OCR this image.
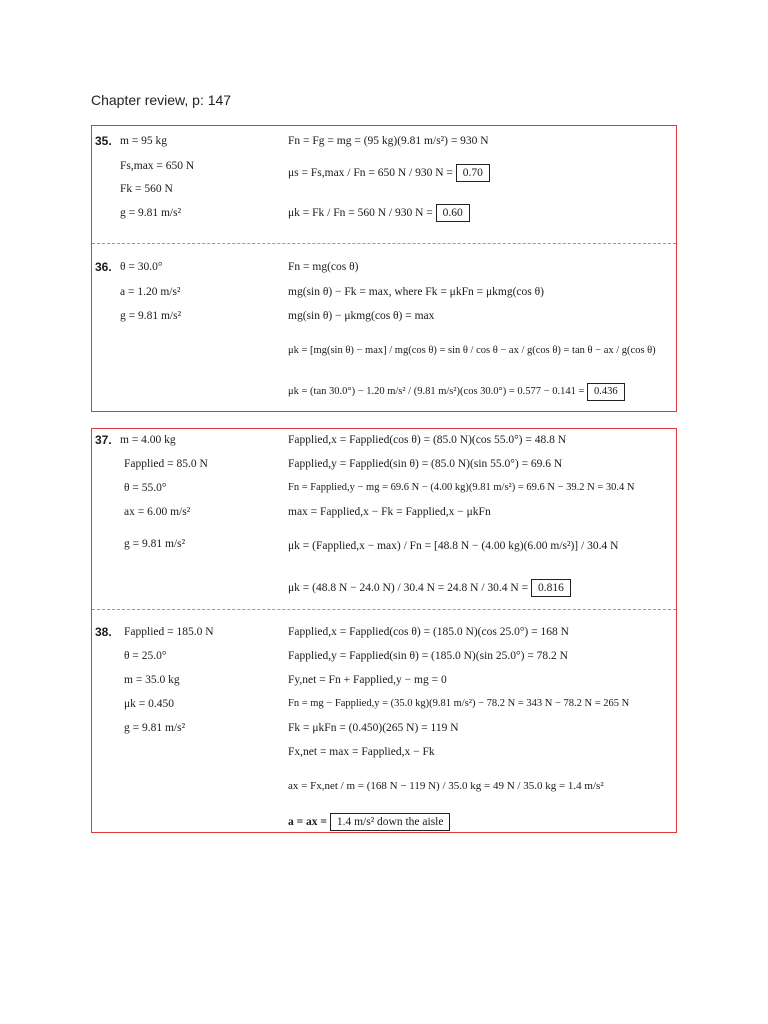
Chapter review, p: 147
35. m = 95 kg
Fs,max = 650 N
Fk = 560 N
g = 9.81 m/s²
Fn = Fg = mg = (95 kg)(9.81 m/s²) = 930 N
μs = Fs,max / Fn = 650 N / 930 N = 0.70
μk = Fk / Fn = 560 N / 930 N = 0.60
36. θ = 30.0°
a = 1.20 m/s²
g = 9.81 m/s²
Fn = mg(cos θ)
mg(sin θ) − Fk = max, where Fk = μkFn = μkmg(cos θ)
mg(sin θ) − μkmg(cos θ) = max
μk = [mg(sin θ) − max] / mg(cos θ) = sin θ / cos θ − ax / g(cos θ) = tan θ − ax / g(cos θ)
μk = (tan 30.0°) − 1.20 m/s² / (9.81 m/s²)(cos 30.0°) = 0.577 − 0.141 = 0.436
37. m = 4.00 kg
Fapplied = 85.0 N
θ = 55.0°
ax = 6.00 m/s²
g = 9.81 m/s²
Fapplied,x = Fapplied(cos θ) = (85.0 N)(cos 55.0°) = 48.8 N
Fapplied,y = Fapplied(sin θ) = (85.0 N)(sin 55.0°) = 69.6 N
Fn = Fapplied,y − mg = 69.6 N − (4.00 kg)(9.81 m/s²) = 69.6 N − 39.2 N = 30.4 N
max = Fapplied,x − Fk = Fapplied,x − μkFn
μk = (Fapplied,x − max) / Fn = [48.8 N − (4.00 kg)(6.00 m/s²)] / 30.4 N
μk = (48.8 N − 24.0 N) / 30.4 N = 24.8 N / 30.4 N = 0.816
38. Fapplied = 185.0 N
θ = 25.0°
m = 35.0 kg
μk = 0.450
g = 9.81 m/s²
Fapplied,x = Fapplied(cos θ) = (185.0 N)(cos 25.0°) = 168 N
Fapplied,y = Fapplied(sin θ) = (185.0 N)(sin 25.0°) = 78.2 N
Fy,net = Fn + Fapplied,y − mg = 0
Fn = mg − Fapplied,y = (35.0 kg)(9.81 m/s²) − 78.2 N = 343 N − 78.2 N = 265 N
Fk = μkFn = (0.450)(265 N) = 119 N
Fx,net = max = Fapplied,x − Fk
ax = Fx,net / m = (168 N − 119 N) / 35.0 kg = 49 N / 35.0 kg = 1.4 m/s²
a = ax = 1.4 m/s² down the aisle
